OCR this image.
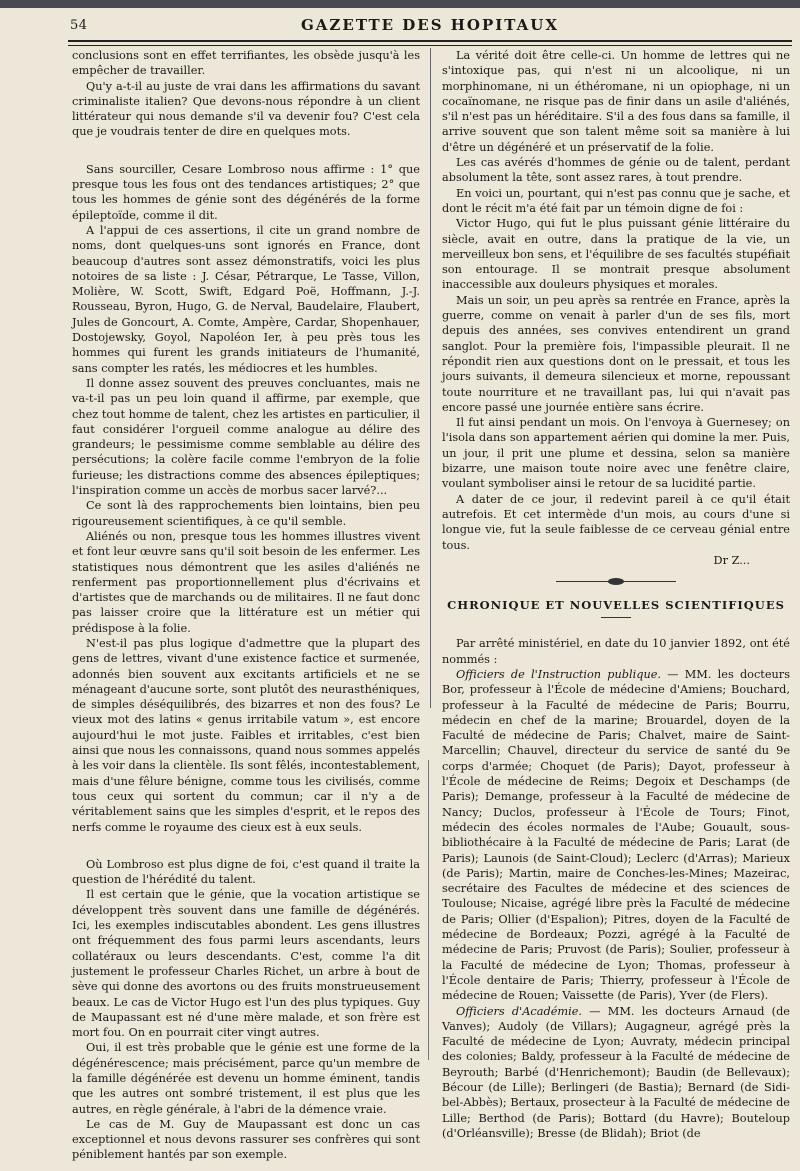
54	GAZETTE DES HOPITAUX

conclusions sont en effet terrifiantes, les obsède jusqu'à les empêcher de travailler.

Qu'y a-t-il au juste de vrai dans les affirmations du savant criminaliste italien? Que devons-nous répondre à un client littérateur qui nous demande s'il va devenir fou? C'est cela que je voudrais tenter de dire en quelques mots.

Sans sourciller, Cesare Lombroso nous affirme : 1° que presque tous les fous ont des tendances artistiques; 2° que tous les hommes de génie sont des dégénérés de la forme épileptoïde, comme il dit.

A l'appui de ces assertions, il cite un grand nombre de noms, dont quelques-uns sont ignorés en France, dont beaucoup d'autres sont assez démonstratifs, voici les plus notoires de sa liste : J. César, Pétrarque, Le Tasse, Villon, Molière, W. Scott, Swift, Edgard Poë, Hoffmann, J.-J. Rousseau, Byron, Hugo, G. de Nerval, Baudelaire, Flaubert, Jules de Goncourt, A. Comte, Ampère, Cardar, Shopenhauer, Dostojewsky, Goyol, Napoléon Ier, à peu près tous les hommes qui furent les grands initiateurs de l'humanité, sans compter les ratés, les médiocres et les humbles.

Il donne assez souvent des preuves concluantes, mais ne va-t-il pas un peu loin quand il affirme, par exemple, que chez tout homme de talent, chez les artistes en particulier, il faut considérer l'orgueil comme analogue au délire des grandeurs; le pessimisme comme semblable au délire des persécutions; la colère facile comme l'embryon de la folie furieuse; les distractions comme des absences épileptiques; l'inspiration comme un accès de morbus sacer larvé?...

Ce sont là des rapprochements bien lointains, bien peu rigoureusement scientifiques, à ce qu'il semble.

Aliénés ou non, presque tous les hommes illustres vivent et font leur œuvre sans qu'il soit besoin de les enfermer. Les statistiques nous démontrent que les asiles d'aliénés ne renferment pas proportionnellement plus d'écrivains et d'artistes que de marchands ou de militaires. Il ne faut donc pas laisser croire que la littérature est un métier qui prédispose à la folie.

N'est-il pas plus logique d'admettre que la plupart des gens de lettres, vivant d'une existence factice et surmenée, adonnés bien souvent aux excitants artificiels et ne se ménageant d'aucune sorte, sont plutôt des neurasthéniques, de simples déséquilibrés, des bizarres et non des fous? Le vieux mot des latins « genus irritabile vatum », est encore aujourd'hui le mot juste. Faibles et irritables, c'est bien ainsi que nous les connaissons, quand nous sommes appelés à les voir dans la clientèle. Ils sont fêlés, incontestablement, mais d'une fêlure bénigne, comme tous les civilisés, comme tous ceux qui sortent du commun; car il n'y a de véritablement sains que les simples d'esprit, et le repos des nerfs comme le royaume des cieux est à eux seuls.

Où Lombroso est plus digne de foi, c'est quand il traite la question de l'hérédité du talent.

Il est certain que le génie, que la vocation artistique se développent très souvent dans une famille de dégénérés. Ici, les exemples indiscutables abondent. Les gens illustres ont fréquemment des fous parmi leurs ascendants, leurs collatéraux ou leurs descendants. C'est, comme l'a dit justement le professeur Charles Richet, un arbre à bout de sève qui donne des avortons ou des fruits monstrueusement beaux. Le cas de Victor Hugo est l'un des plus typiques. Guy de Maupassant est né d'une mère malade, et son frère est mort fou. On en pourrait citer vingt autres.

Oui, il est très probable que le génie est une forme de la dégénérescence; mais précisément, parce qu'un membre de la famille dégénérée est devenu un homme éminent, tandis que les autres ont sombré tristement, il est plus que les autres, en règle générale, à l'abri de la démence vraie.

Le cas de M. Guy de Maupassant est donc un cas exceptionnel et nous devons rassurer ses confrères qui sont péniblement hantés par son exemple.

La vérité doit être celle-ci. Un homme de lettres qui ne s'intoxique pas, qui n'est ni un alcoolique, ni un morphinomane, ni un éthéromane, ni un opiophage, ni un cocaïnomane, ne risque pas de finir dans un asile d'aliénés, s'il n'est pas un héréditaire. S'il a des fous dans sa famille, il arrive souvent que son talent même soit sa manière à lui d'être un dégénéré et un préservatif de la folie.

Les cas avérés d'hommes de génie ou de talent, perdant absolument la tête, sont assez rares, à tout prendre.

En voici un, pourtant, qui n'est pas connu que je sache, et dont le récit m'a été fait par un témoin digne de foi :

Victor Hugo, qui fut le plus puissant génie littéraire du siècle, avait en outre, dans la pratique de la vie, un merveilleux bon sens, et l'équilibre de ses facultés stupéfiait son entourage. Il se montrait presque absolument inaccessible aux douleurs physiques et morales.

Mais un soir, un peu après sa rentrée en France, après la guerre, comme on venait à parler d'un de ses fils, mort depuis des années, ses convives entendirent un grand sanglot. Pour la première fois, l'impassible pleurait. Il ne répondit rien aux questions dont on le pressait, et tous les jours suivants, il demeura silencieux et morne, repoussant toute nourriture et ne travaillant pas, lui qui n'avait pas encore passé une journée entière sans écrire.

Il fut ainsi pendant un mois. On l'envoya à Guernesey; on l'isola dans son appartement aérien qui domine la mer. Puis, un jour, il prit une plume et dessina, selon sa manière bizarre, une maison toute noire avec une fenêtre claire, voulant symboliser ainsi le retour de sa lucidité partie.

A dater de ce jour, il redevint pareil à ce qu'il était autrefois. Et cet intermède d'un mois, au cours d'une si longue vie, fut la seule faiblesse de ce cerveau génial entre tous.

Dr Z...

CHRONIQUE ET NOUVELLES SCIENTIFIQUES

Par arrêté ministériel, en date du 10 janvier 1892, ont été nommés :

Officiers de l'Instruction publique. — MM. les docteurs Bor, professeur à l'École de médecine d'Amiens; Bouchard, professeur à la Faculté de médecine de Paris; Bourru, médecin en chef de la marine; Brouardel, doyen de la Faculté de médecine de Paris; Chalvet, maire de Saint-Marcellin; Chauvel, directeur du service de santé du 9e corps d'armée; Choquet (de Paris); Dayot, professeur à l'École de médecine de Reims; Degoix et Deschamps (de Paris); Demange, professeur à la Faculté de médecine de Nancy; Duclos, professeur à l'École de Tours; Finot, médecin des écoles normales de l'Aube; Gouault, sous-bibliothécaire à la Faculté de médecine de Paris; Larat (de Paris); Launois (de Saint-Cloud); Leclerc (d'Arras); Marieux (de Paris); Martin, maire de Conches-les-Mines; Mazeirac, secrétaire des Facultes de médecine et des sciences de Toulouse; Nicaise, agrégé libre près la Faculté de médecine de Paris; Ollier (d'Espalion); Pitres, doyen de la Faculté de médecine de Bordeaux; Pozzi, agrégé à la Faculté de médecine de Paris; Pruvost (de Paris); Soulier, professeur à la Faculté de médecine de Lyon; Thomas, professeur à l'École dentaire de Paris; Thierry, professeur à l'École de médecine de Rouen; Vaissette (de Paris), Yver (de Flers).

Officiers d'Académie. — MM. les docteurs Arnaud (de Vanves); Audoly (de Villars); Augagneur, agrégé près la Faculté de médecine de Lyon; Auvraty, médecin principal des colonies; Baldy, professeur à la Faculté de médecine de Beyrouth; Barbé (d'Henrichemont); Baudin (de Bellevaux); Bécour (de Lille); Berlingeri (de Bastia); Bernard (de Sidi-bel-Abbès); Bertaux, prosecteur à la Faculté de médecine de Lille; Berthod (de Paris); Bottard (du Havre); Bouteloup (d'Orléansville); Bresse (de Blidah); Briot (de
